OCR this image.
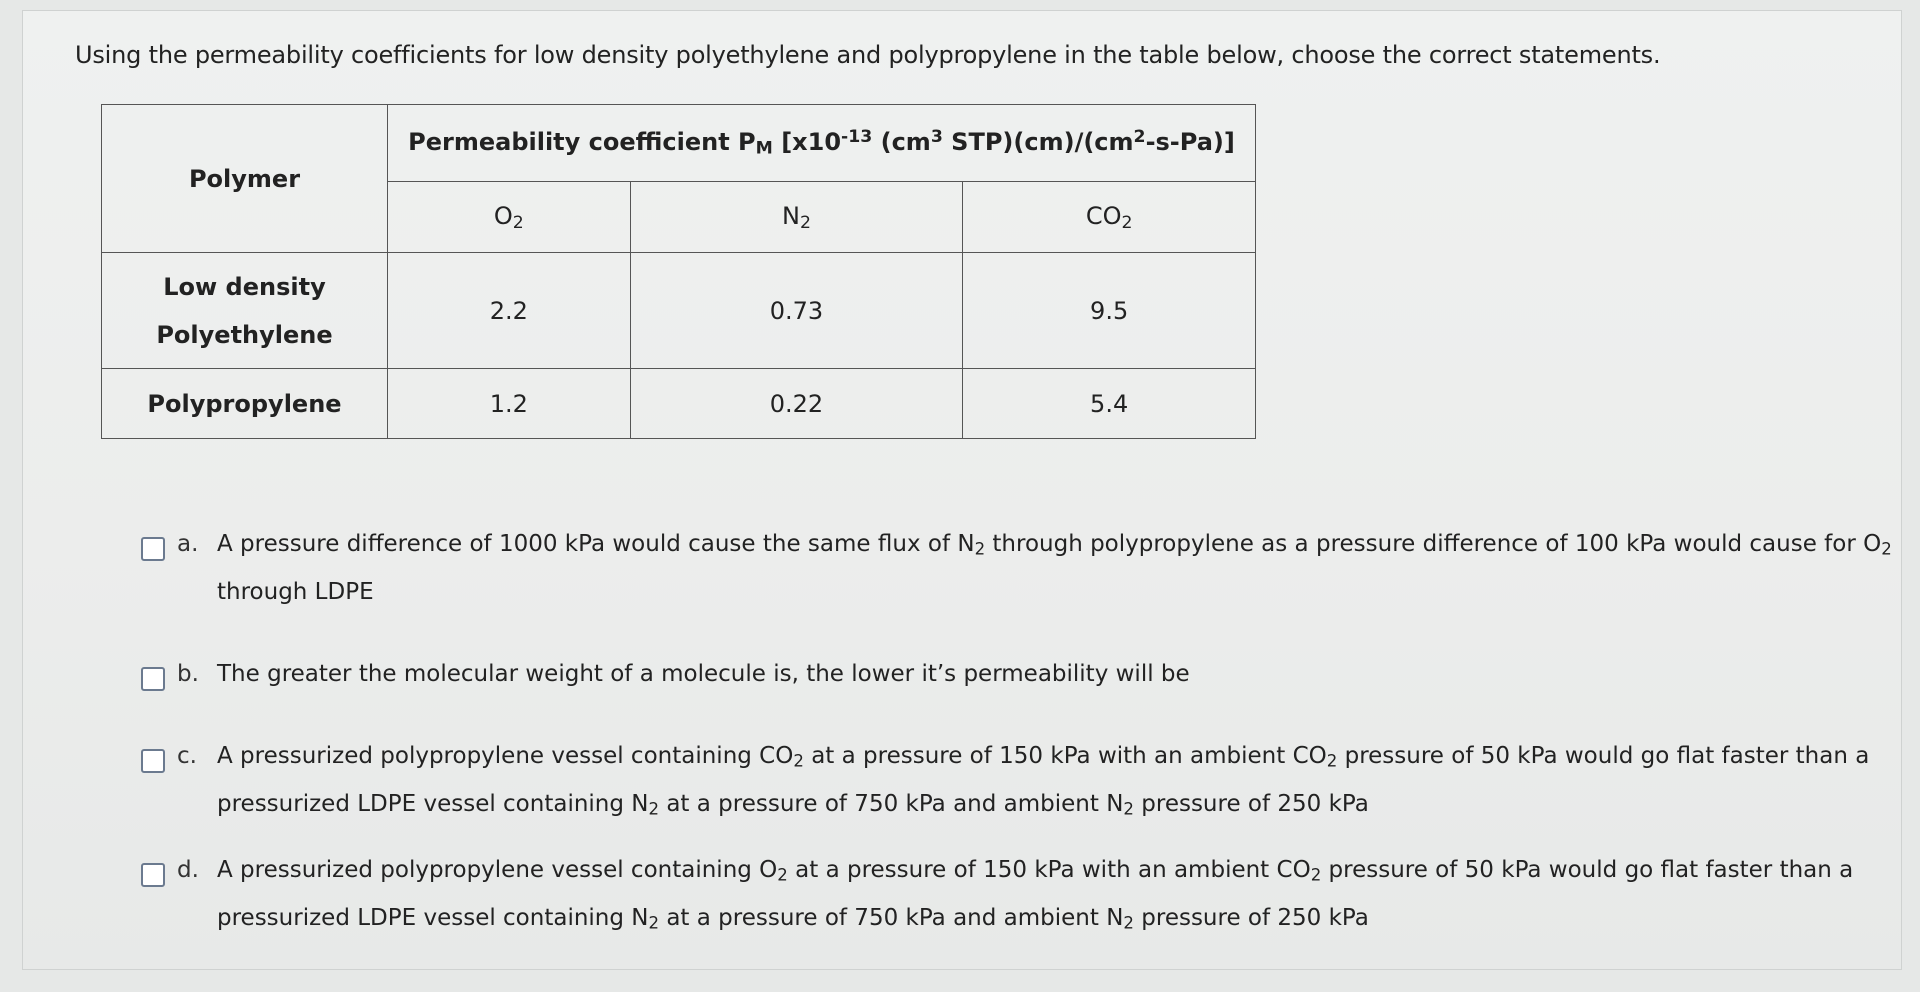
Using the permeability coefficients for low density polyethylene and polypropylene in the table below, choose the correct statements.
Polymer	Permeability coefficient $P_M$ [$x10^{-13}$ ($cm^3$ $STP)(cm)/(cm^2-s-Pa)$]		
	$O_2$	$N_2$	$CO_2$
Low density
Polyethylene	2.2	0.73	9.5
Polypropylene	1.2	0.22	5.4
a. A pressure difference of 1000 kPa would cause the same flux of $N_2$ through polypropylene as a pressure difference of 100 kPa would cause for $O_2$ through LDPE
b. The greater the molecular weight of a molecule is, the lower it’s permeability will be
c. A pressurized polypropylene vessel containing $CO_2$ at a pressure of 150 kPa with an ambient $CO_2$ pressure of 50 kPa would go flat faster than a pressurized LDPE vessel containing $N_2$ at a pressure of 750 kPa and ambient $N_2$ pressure of 250 kPa
d. A pressurized polypropylene vessel containing $O_2$ at a pressure of 150 kPa with an ambient $CO_2$ pressure of 50 kPa would go flat faster than a pressurized LDPE vessel containing $N_2$ at a pressure of 750 kPa and ambient $N_2$ pressure of 250 kPa
